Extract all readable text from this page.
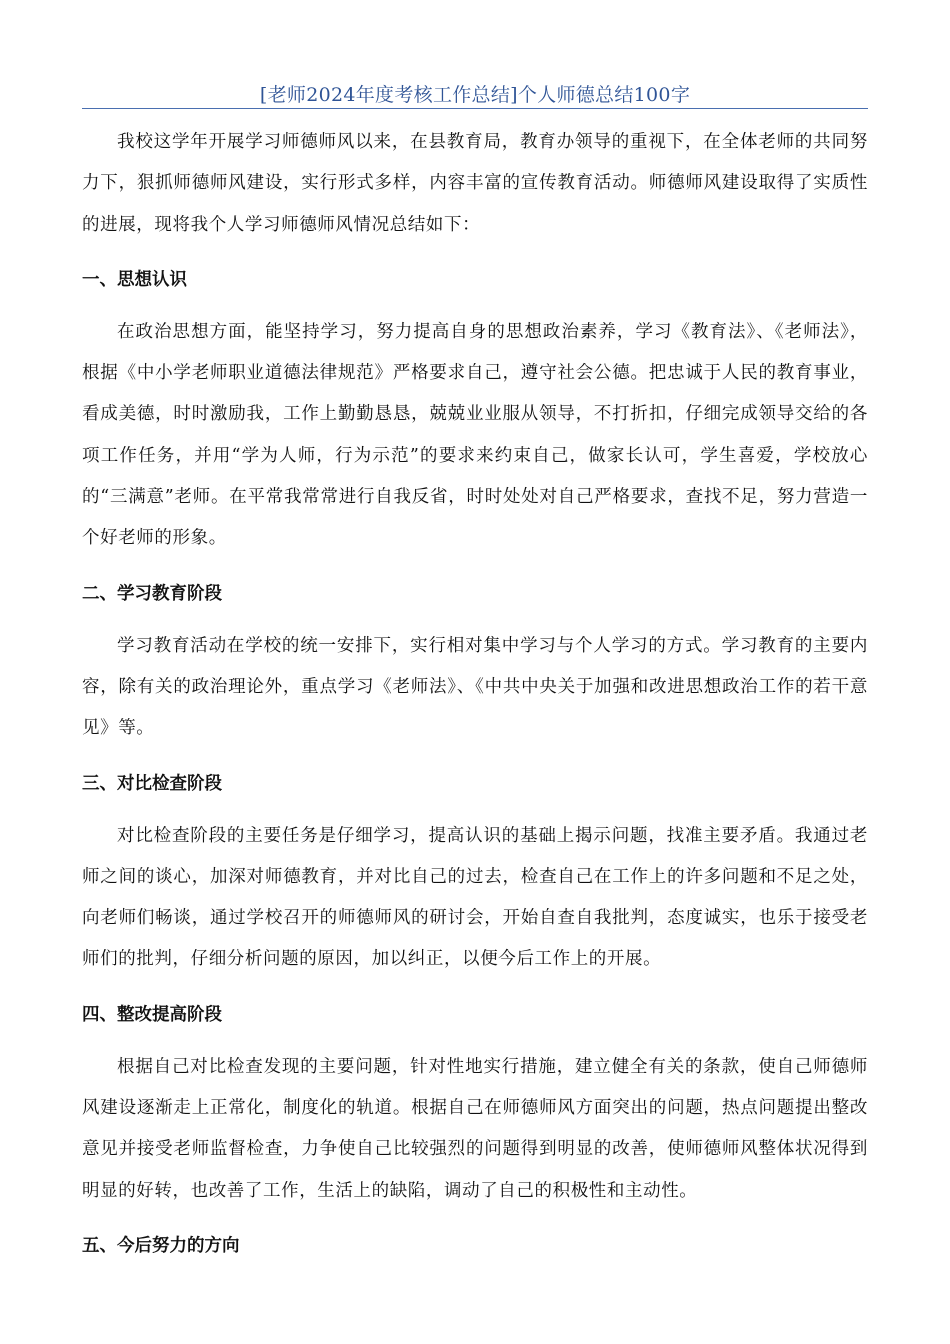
[老师2024年度考核工作总结]个人师德总结100字

我校这学年开展学习师德师风以来，在县教育局，教育办领导的重视下，在全体老师的共同努力下，狠抓师德师风建设，实行形式多样，内容丰富的宣传教育活动。师德师风建设取得了实质性的进展，现将我个人学习师德师风情况总结如下：

一、思想认识

在政治思想方面，能坚持学习，努力提高自身的思想政治素养，学习《教育法》、《老师法》，根据《中小学老师职业道德法律规范》严格要求自己，遵守社会公德。把忠诚于人民的教育事业，看成美德，时时激励我，工作上勤勤恳恳，兢兢业业服从领导，不打折扣，仔细完成领导交给的各项工作任务，并用“学为人师，行为示范”的要求来约束自己，做家长认可，学生喜爱，学校放心的“三满意”老师。在平常我常常进行自我反省，时时处处对自己严格要求，查找不足，努力营造一个好老师的形象。

二、学习教育阶段

学习教育活动在学校的统一安排下，实行相对集中学习与个人学习的方式。学习教育的主要内容，除有关的政治理论外，重点学习《老师法》、《中共中央关于加强和改进思想政治工作的若干意见》等。

三、对比检查阶段

对比检查阶段的主要任务是仔细学习，提高认识的基础上揭示问题，找准主要矛盾。我通过老师之间的谈心，加深对师德教育，并对比自己的过去，检查自己在工作上的许多问题和不足之处，向老师们畅谈，通过学校召开的师德师风的研讨会，开始自查自我批判，态度诚实，也乐于接受老师们的批判，仔细分析问题的原因，加以纠正，以便今后工作上的开展。

四、整改提高阶段

根据自己对比检查发现的主要问题，针对性地实行措施，建立健全有关的条款，使自己师德师风建设逐渐走上正常化，制度化的轨道。根据自己在师德师风方面突出的问题，热点问题提出整改意见并接受老师监督检查，力争使自己比较强烈的问题得到明显的改善，使师德师风整体状况得到明显的好转，也改善了工作，生活上的缺陷，调动了自己的积极性和主动性。

五、今后努力的方向
